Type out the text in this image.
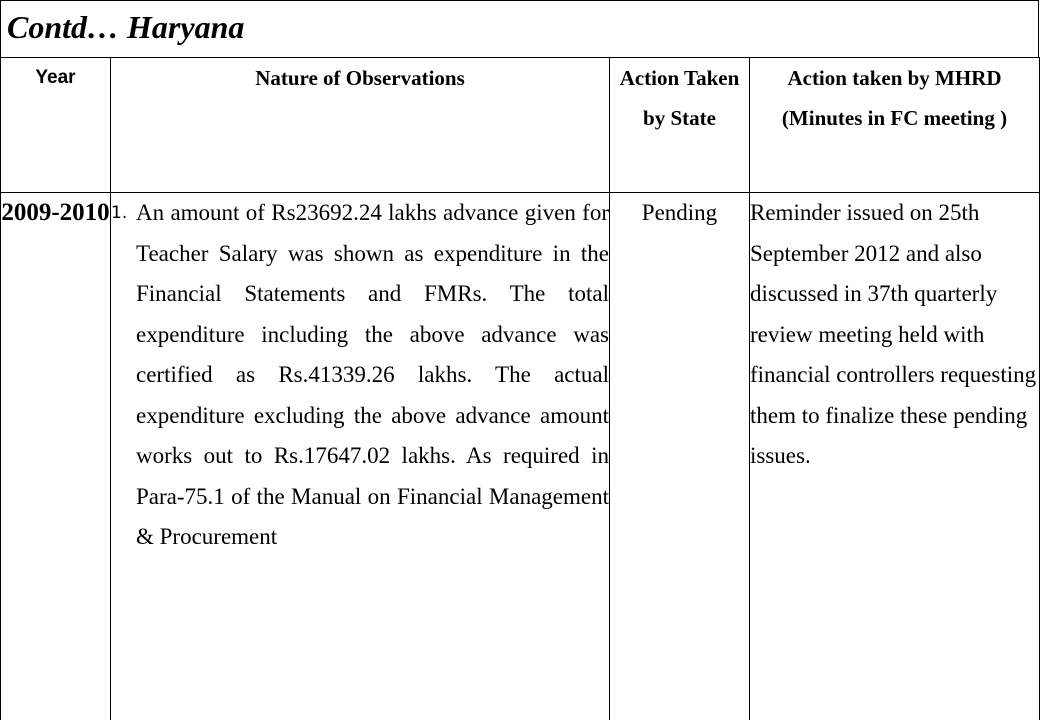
Contd… Haryana
Year	Nature of Observations	Action Taken by State	Action taken by MHRD (Minutes in FC meeting )
2009-2010	1. An amount of Rs23692.24 lakhs advance given for Teacher Salary was shown as expenditure in the Financial Statements and FMRs. The total expenditure including the above advance was certified as Rs.41339.26 lakhs. The actual expenditure excluding the above advance amount works out to Rs.17647.02 lakhs. As required in Para-75.1 of the Manual on Financial Management & Procurement	Pending	Reminder issued on 25th September 2012 and also discussed in 37th quarterly review meeting held with financial controllers requesting them to finalize these pending issues.
